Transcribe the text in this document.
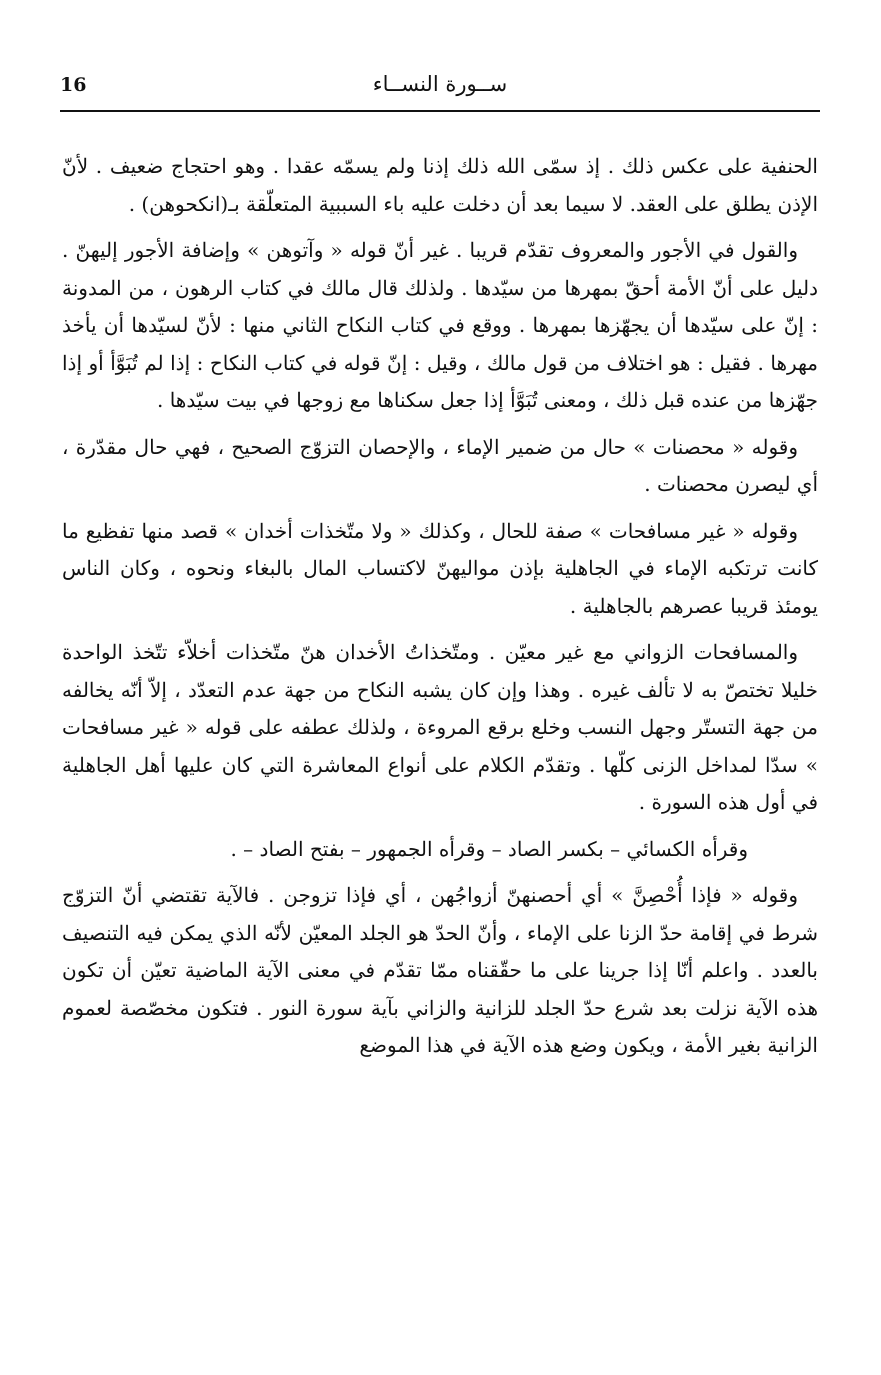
16	ســورة النســاء

الحنفية على عكس ذلك . إذ سمّى الله ذلك إذنا ولم يسمّه عقدا . وهو احتجاج ضعيف . لأنّ الإذن يطلق على العقد. لا سيما بعد أن دخلت عليه باء السببية المتعلّقة بـ(انكحوهن) .

والقول في الأجور والمعروف تقدّم قريبا . غير أنّ قوله « وآتوهن » وإضافة الأجور إليهنّ . دليل على أنّ الأمة أحقّ بمهرها من سيّدها . ولذلك قال مالك في كتاب الرهون ، من المدونة : إنّ على سيّدها أن يجهّزها بمهرها . ووقع في كتاب النكاح الثاني منها : لأنّ لسيّدها أن يأخذ مهرها . فقيل : هو اختلاف من قول مالك ، وقيل : إنّ قوله في كتاب النكاح : إذا لم تُبَوَّأ أو إذا جهّزها من عنده قبل ذلك ، ومعنى تُبَوَّأ إذا جعل سكناها مع زوجها في بيت سيّدها .

وقوله « محصنات » حال من ضمير الإماء ، والإحصان التزوّج الصحيح ، فهي حال مقدّرة ، أي ليصرن محصنات .

وقوله « غير مسافحات » صفة للحال ، وكذلك « ولا متّخذات أخدان » قصد منها تفظيع ما كانت ترتكبه الإماء في الجاهلية بإذن مواليهنّ لاكتساب المال بالبغاء ونحوه ، وكان الناس يومئذ قريبا عصرهم بالجاهلية .

والمسافحات الزواني مع غير معيّن . ومتّخذاتُ الأخدان هنّ متّخذات أخلاّء تتّخذ الواحدة خليلا تختصّ به لا تألف غيره . وهذا وإن كان يشبه النكاح من جهة عدم التعدّد ، إلاّ أنّه يخالفه من جهة التستّر وجهل النسب وخلع برقع المروءة ، ولذلك عطفه على قوله « غير مسافحات » سدّا لمداخل الزنى كلّها . وتقدّم الكلام على أنواع المعاشرة التي كان عليها أهل الجاهلية في أول هذه السورة .

وقرأه الكسائي – بكسر الصاد – وقرأه الجمهور – بفتح الصاد – .

وقوله « فإذا أُحْصِنَّ » أي أحصنهنّ أزواجُهن ، أي فإذا تزوجن . فالآية تقتضي أنّ التزوّج شرط في إقامة حدّ الزنا على الإماء ، وأنّ الحدّ هو الجلد المعيّن لأنّه الذي يمكن فيه التنصيف بالعدد . واعلم أنّا إذا جرينا على ما حقّقناه ممّا تقدّم في معنى الآية الماضية تعيّن أن تكون هذه الآية نزلت بعد شرع حدّ الجلد للزانية والزاني بآية سورة النور . فتكون مخصّصة لعموم الزانية بغير الأمة ، ويكون وضع هذه الآية في هذا الموضع
